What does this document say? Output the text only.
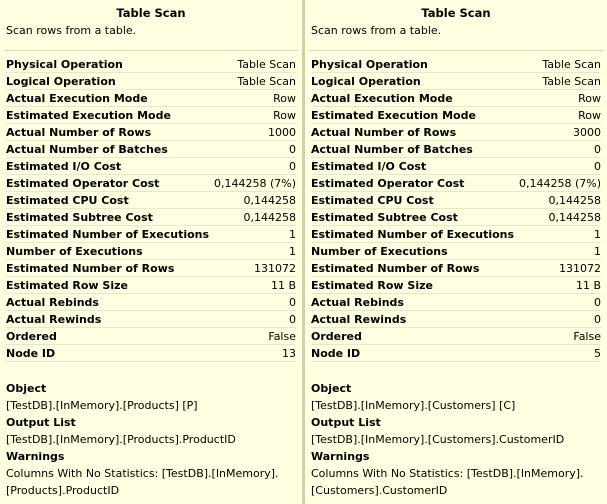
Table Scan
Scan rows from a table.
Physical Operation	Table Scan
Logical Operation	Table Scan
Actual Execution Mode	Row
Estimated Execution Mode	Row
Actual Number of Rows	1000
Actual Number of Batches	0
Estimated I/O Cost	0
Estimated Operator Cost	0,144258 (7%)
Estimated CPU Cost	0,144258
Estimated Subtree Cost	0,144258
Estimated Number of Executions	1
Number of Executions	1
Estimated Number of Rows	131072
Estimated Row Size	11 B
Actual Rebinds	0
Actual Rewinds	0
Ordered	False
Node ID	13
Object
[TestDB].[InMemory].[Products] [P]
Output List
[TestDB].[InMemory].[Products].ProductID
Warnings
Columns With No Statistics: [TestDB].[InMemory].[Products].ProductID
Table Scan
Scan rows from a table.
Physical Operation	Table Scan
Logical Operation	Table Scan
Actual Execution Mode	Row
Estimated Execution Mode	Row
Actual Number of Rows	3000
Actual Number of Batches	0
Estimated I/O Cost	0
Estimated Operator Cost	0,144258 (7%)
Estimated CPU Cost	0,144258
Estimated Subtree Cost	0,144258
Estimated Number of Executions	1
Number of Executions	1
Estimated Number of Rows	131072
Estimated Row Size	11 B
Actual Rebinds	0
Actual Rewinds	0
Ordered	False
Node ID	5
Object
[TestDB].[InMemory].[Customers] [C]
Output List
[TestDB].[InMemory].[Customers].CustomerID
Warnings
Columns With No Statistics: [TestDB].[InMemory].[Customers].CustomerID
